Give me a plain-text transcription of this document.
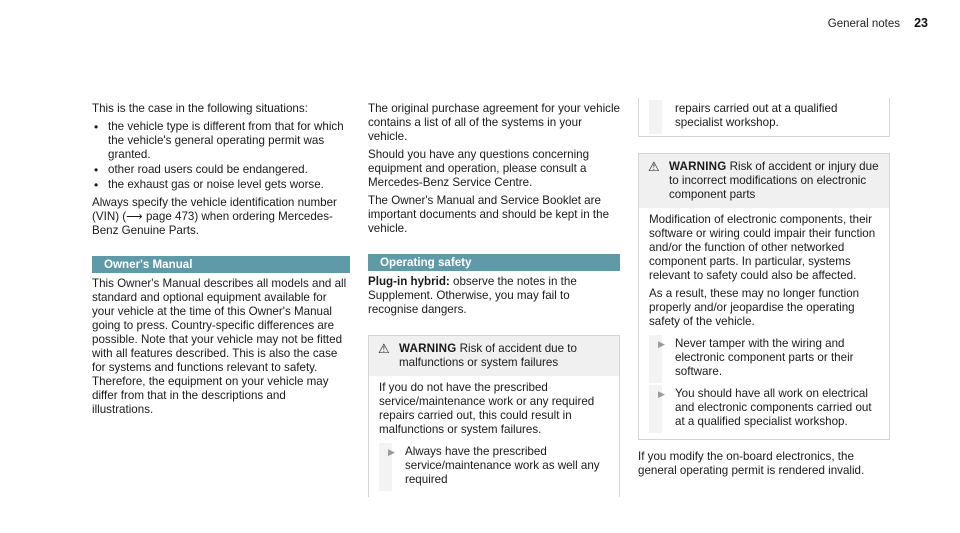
General notes 23

This is the case in the following situations:

• the vehicle type is different from that for which the vehicle's general operating permit was granted.
• other road users could be endangered.
• the exhaust gas or noise level gets worse.

Always specify the vehicle identification number (VIN) (⟶ page 473) when ordering Mercedes-Benz Genuine Parts.

Owner's Manual

This Owner's Manual describes all models and all standard and optional equipment available for your vehicle at the time of this Owner's Manual going to press. Country-specific differences are possible. Note that your vehicle may not be fitted with all features described. This is also the case for systems and functions relevant to safety. Therefore, the equipment on your vehicle may differ from that in the descriptions and illustrations.

The original purchase agreement for your vehicle contains a list of all of the systems in your vehicle.

Should you have any questions concerning equipment and operation, please consult a Mercedes-Benz Service Centre.

The Owner's Manual and Service Booklet are important documents and should be kept in the vehicle.

Operating safety

Plug-in hybrid: observe the notes in the Supplement. Otherwise, you may fail to recognise dangers.

⚠ WARNING Risk of accident due to malfunctions or system failures

If you do not have the prescribed service/maintenance work or any required repairs carried out, this could result in malfunctions or system failures.

▶ Always have the prescribed service/maintenance work as well any required
repairs carried out at a qualified specialist workshop.
⚠ WARNING Risk of accident or injury due to incorrect modifications on electronic component parts

Modification of electronic components, their software or wiring could impair their function and/or the function of other networked component parts. In particular, systems relevant to safety could also be affected.

As a result, these may no longer function properly and/or jeopardise the operating safety of the vehicle.

▶ Never tamper with the wiring and electronic component parts or their software.
▶ You should have all work on electrical and electronic components carried out at a qualified specialist workshop.

If you modify the on-board electronics, the general operating permit is rendered invalid.
